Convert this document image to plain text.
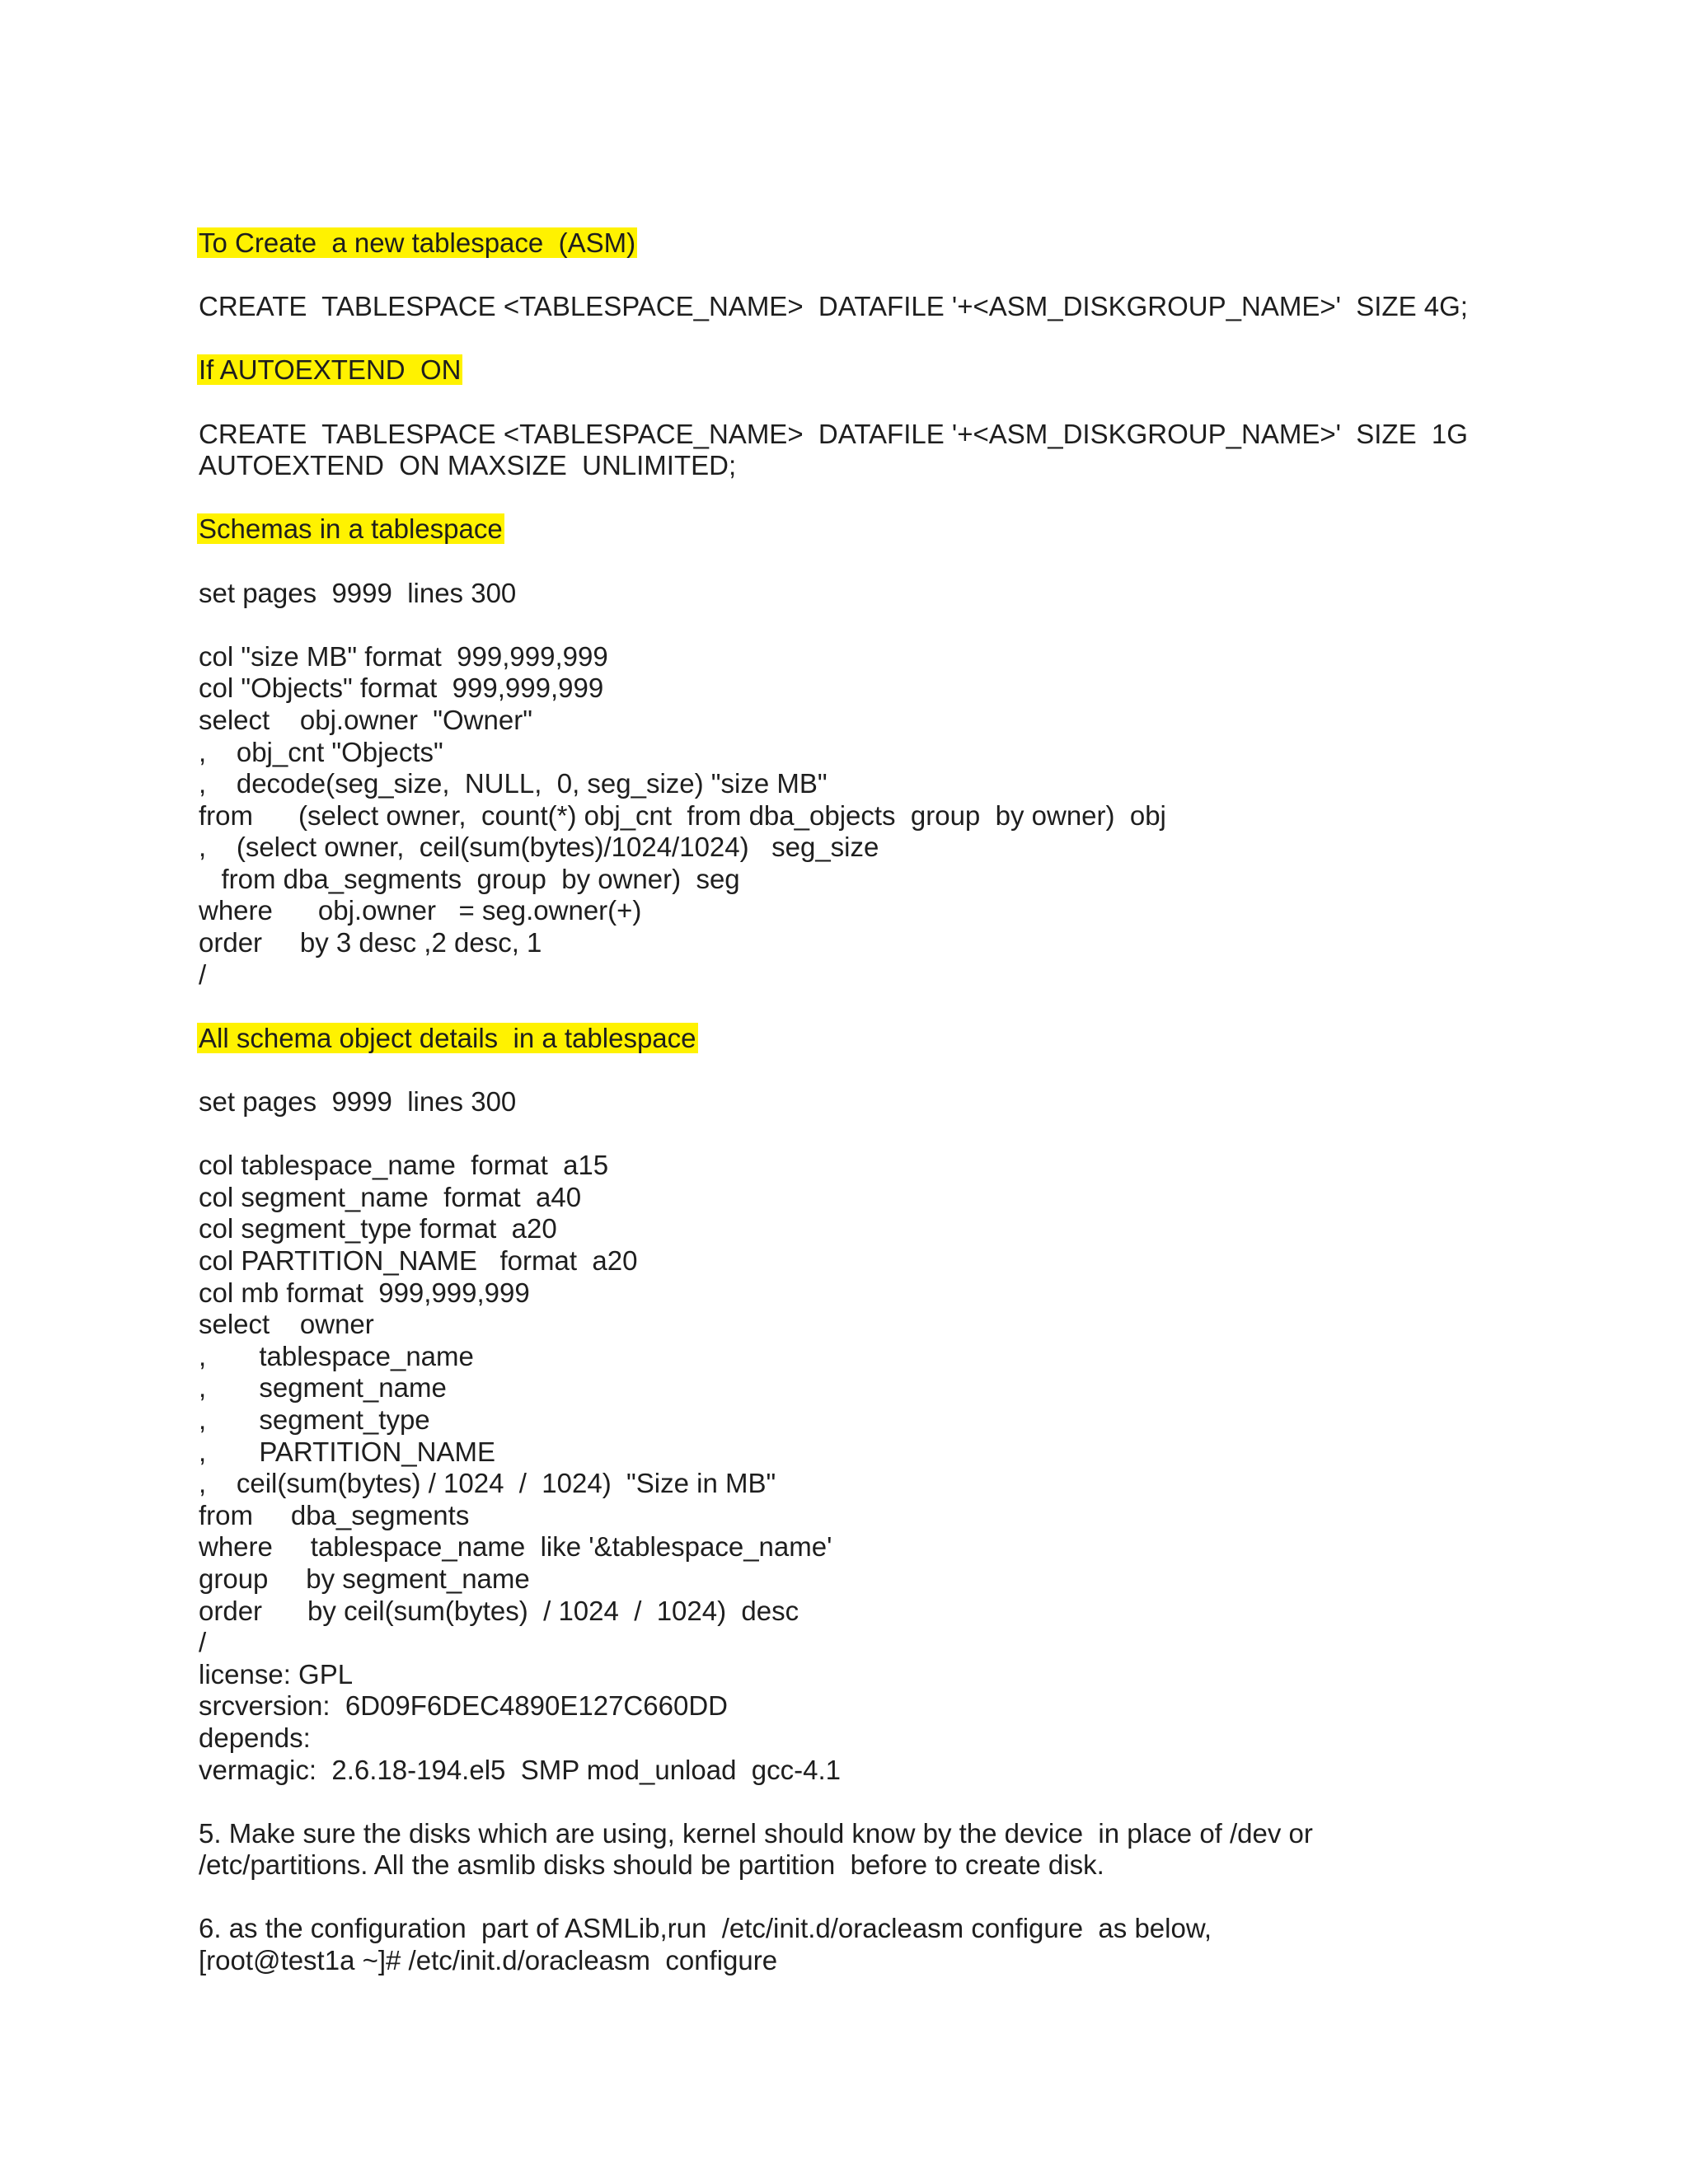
To Create  a new tablespace  (ASM)
CREATE  TABLESPACE <TABLESPACE_NAME>  DATAFILE '+<ASM_DISKGROUP_NAME>'  SIZE 4G;
If AUTOEXTEND  ON
CREATE  TABLESPACE <TABLESPACE_NAME>  DATAFILE '+<ASM_DISKGROUP_NAME>'  SIZE  1G
AUTOEXTEND  ON MAXSIZE  UNLIMITED;
Schemas in a tablespace
set pages  9999  lines 300
col "size MB" format  999,999,999
col "Objects" format  999,999,999
select    obj.owner  "Owner"
,    obj_cnt "Objects"
,    decode(seg_size,  NULL,  0, seg_size) "size MB"
from      (select owner,  count(*) obj_cnt  from dba_objects  group  by owner)  obj
,    (select owner,  ceil(sum(bytes)/1024/1024)   seg_size
from dba_segments  group  by owner)  seg
where      obj.owner   = seg.owner(+)
order     by 3 desc ,2 desc, 1
/
All schema object details  in a tablespace
set pages  9999  lines 300
col tablespace_name  format  a15
col segment_name  format  a40
col segment_type format  a20
col PARTITION_NAME   format  a20
col mb format  999,999,999
select    owner
,       tablespace_name
,       segment_name
,       segment_type
,       PARTITION_NAME
,    ceil(sum(bytes) / 1024  /  1024)  "Size in MB"
from     dba_segments
where     tablespace_name  like '&tablespace_name'
group     by segment_name
order      by ceil(sum(bytes)  / 1024  /  1024)  desc
/
license: GPL
srcversion:  6D09F6DEC4890E127C660DD
depends:
vermagic:  2.6.18-194.el5  SMP mod_unload  gcc-4.1
5. Make sure the disks which are using, kernel should know by the device  in place of /dev or
/etc/partitions. All the asmlib disks should be partition  before to create disk.
6. as the configuration  part of ASMLib,run  /etc/init.d/oracleasm configure  as below,
[root@test1a ~]# /etc/init.d/oracleasm  configure
